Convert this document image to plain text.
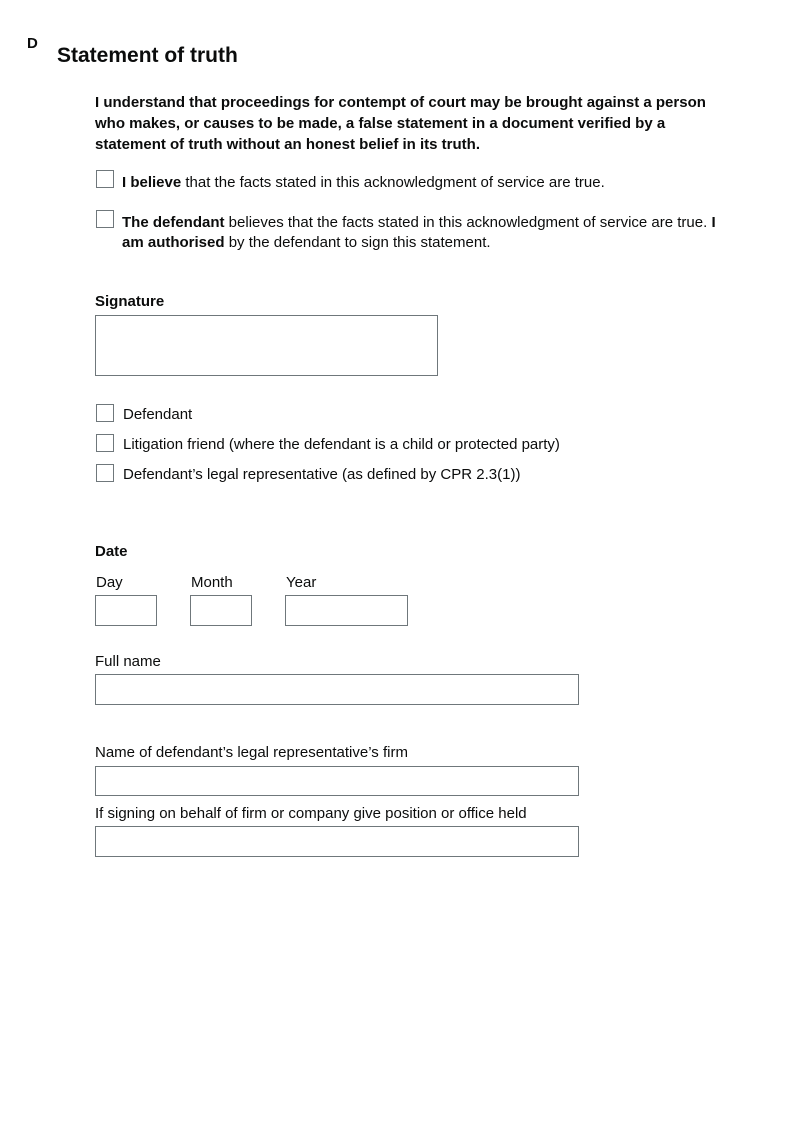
D
Statement of truth
I understand that proceedings for contempt of court may be brought against a person who makes, or causes to be made, a false statement in a document verified by a statement of truth without an honest belief in its truth.
I believe that the facts stated in this acknowledgment of service are true.
The defendant believes that the facts stated in this acknowledgment of service are true. I am authorised by the defendant to sign this statement.
Signature
Defendant
Litigation friend (where the defendant is a child or protected party)
Defendant’s legal representative (as defined by CPR 2.3(1))
Date
Day	Month	Year
Full name
Name of defendant’s legal representative’s firm
If signing on behalf of firm or company give position or office held
